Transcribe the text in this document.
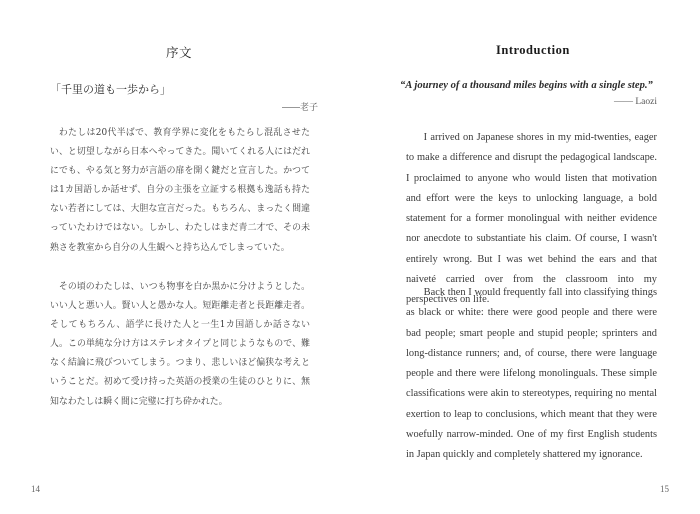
序文
「千里の道も一歩から」
――老子
わたしは20代半ばで、教育学界に変化をもたらし混乱させたい、と切望しながら日本へやってきた。聞いてくれる人にはだれにでも、やる気と努力が言語の扉を開く鍵だと宣言した。かつては1カ国語しか話せず、自分の主張を立証する根拠も逸話も持たない若者にしては、大胆な宣言だった。もちろん、まったく間違っていたわけではない。しかし、わたしはまだ青二才で、その未熟さを教室から自分の人生観へと持ち込んでしまっていた。
その頃のわたしは、いつも物事を白か黒かに分けようとした。いい人と悪い人。賢い人と愚かな人。短距離走者と長距離走者。そしてもちろん、語学に長けた人と一生1カ国語しか話さない人。この単純な分け方はステレオタイプと同じようなもので、難なく結論に飛びついてしまう。つまり、悲しいほど偏狭な考えということだ。初めて受け持った英語の授業の生徒のひとりに、無知なわたしは瞬く間に完璧に打ち砕かれた。
14
Introduction
“A journey of a thousand miles begins with a single step.”
―― Laozi
I arrived on Japanese shores in my mid-twenties, eager to make a difference and disrupt the pedagogical landscape. I proclaimed to anyone who would listen that motivation and effort were the keys to unlocking language, a bold statement for a former monolingual with neither evidence nor anecdote to substantiate his claim. Of course, I wasn't entirely wrong. But I was wet behind the ears and that naiveté carried over from the classroom into my perspectives on life.
Back then I would frequently fall into classifying things as black or white: there were good people and there were bad people; smart people and stupid people; sprinters and long-distance runners; and, of course, there were language people and there were lifelong monolinguals. These simple classifications were akin to stereotypes, requiring no mental exertion to leap to conclusions, which meant that they were woefully narrow-minded. One of my first English students in Japan quickly and completely shattered my ignorance.
15
